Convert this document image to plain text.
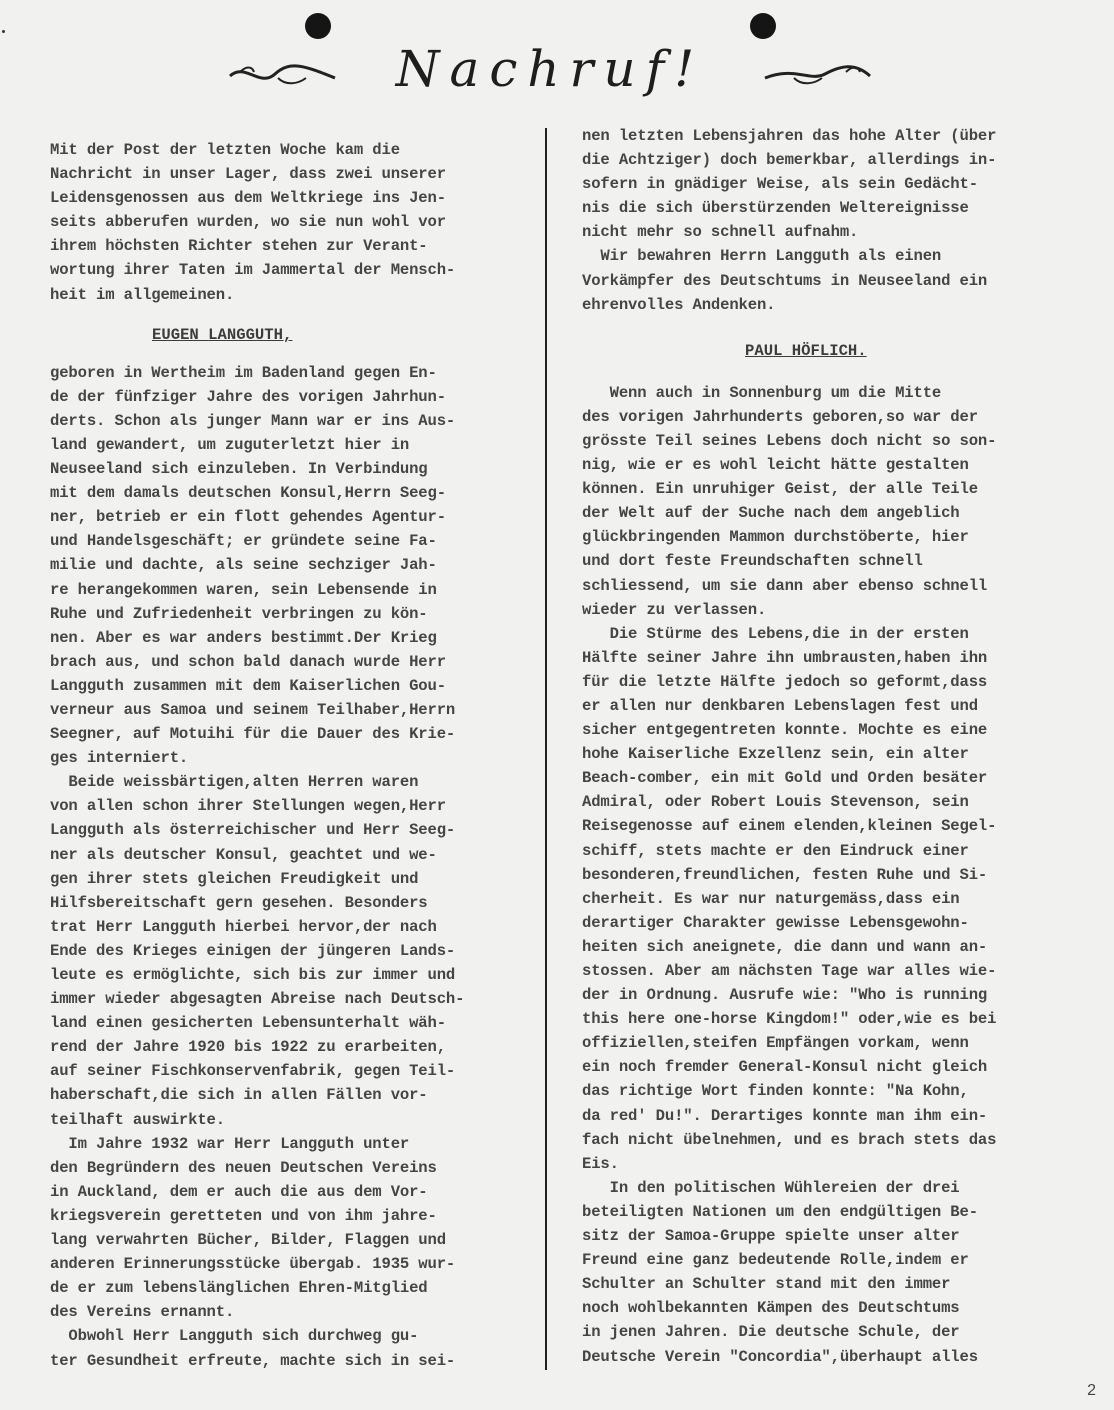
Nachruf!

Mit der Post der letzten Woche kam die

Nachricht in unser Lager, dass zwei unserer

Leidensgenossen aus dem Weltkriege ins Jen-

seits abberufen wurden, wo sie nun wohl vor

ihrem höchsten Richter stehen zur Verant-

wortung ihrer Taten im Jammertal der Mensch-

heit im allgemeinen.

EUGEN LANGGUTH,

geboren in Wertheim im Badenland gegen En-

de der fünfziger Jahre des vorigen Jahrhun-

derts. Schon als junger Mann war er ins Aus-

land gewandert, um zuguterletzt hier in

Neuseeland sich einzuleben. In Verbindung

mit dem damals deutschen Konsul,Herrn Seeg-

ner, betrieb er ein flott gehendes Agentur-

und Handelsgeschäft; er gründete seine Fa-

milie und dachte, als seine sechziger Jah-

re herangekommen waren, sein Lebensende in

Ruhe und Zufriedenheit verbringen zu kön-

nen. Aber es war anders bestimmt.Der Krieg

brach aus, und schon bald danach wurde Herr

Langguth zusammen mit dem Kaiserlichen Gou-

verneur aus Samoa und seinem Teilhaber,Herrn

Seegner, auf Motuihi für die Dauer des Krie-

ges interniert.

Beide weissbärtigen,alten Herren waren

von allen schon ihrer Stellungen wegen,Herr

Langguth als österreichischer und Herr Seeg-

ner als deutscher Konsul, geachtet und we-

gen ihrer stets gleichen Freudigkeit und

Hilfsbereitschaft gern gesehen. Besonders

trat Herr Langguth hierbei hervor,der nach

Ende des Krieges einigen der jüngeren Lands-

leute es ermöglichte, sich bis zur immer und

immer wieder abgesagten Abreise nach Deutsch-

land einen gesicherten Lebensunterhalt wäh-

rend der Jahre 1920 bis 1922 zu erarbeiten,

auf seiner Fischkonservenfabrik, gegen Teil-

haberschaft,die sich in allen Fällen vor-

teilhaft auswirkte.

Im Jahre 1932 war Herr Langguth unter

den Begründern des neuen Deutschen Vereins

in Auckland, dem er auch die aus dem Vor-

kriegsverein geretteten und von ihm jahre-

lang verwahrten Bücher, Bilder, Flaggen und

anderen Erinnerungsstücke übergab. 1935 wur-

de er zum lebenslänglichen Ehren-Mitglied

des Vereins ernannt.

Obwohl Herr Langguth sich durchweg gu-

ter Gesundheit erfreute, machte sich in sei-

nen letzten Lebensjahren das hohe Alter (über

die Achtziger) doch bemerkbar, allerdings in-

sofern in gnädiger Weise, als sein Gedächt-

nis die sich überstürzenden Weltereignisse

nicht mehr so schnell aufnahm.

Wir bewahren Herrn Langguth als einen

Vorkämpfer des Deutschtums in Neuseeland ein

ehrenvolles Andenken.

PAUL HÖFLICH.

Wenn auch in Sonnenburg um die Mitte

des vorigen Jahrhunderts geboren,so war der

grösste Teil seines Lebens doch nicht so son-

nig, wie er es wohl leicht hätte gestalten

können. Ein unruhiger Geist, der alle Teile

der Welt auf der Suche nach dem angeblich

glückbringenden Mammon durchstöberte, hier

und dort feste Freundschaften schnell

schliessend, um sie dann aber ebenso schnell

wieder zu verlassen.

Die Stürme des Lebens,die in der ersten

Hälfte seiner Jahre ihn umbrausten,haben ihn

für die letzte Hälfte jedoch so geformt,dass

er allen nur denkbaren Lebenslagen fest und

sicher entgegentreten konnte. Mochte es eine

hohe Kaiserliche Exzellenz sein, ein alter

Beach-comber, ein mit Gold und Orden besäter

Admiral, oder Robert Louis Stevenson, sein

Reisegenosse auf einem elenden,kleinen Segel-

schiff, stets machte er den Eindruck einer

besonderen,freundlichen, festen Ruhe und Si-

cherheit. Es war nur naturgemäss,dass ein

derartiger Charakter gewisse Lebensgewohn-

heiten sich aneignete, die dann und wann an-

stossen. Aber am nächsten Tage war alles wie-

der in Ordnung. Ausrufe wie: "Who is running

this here one-horse Kingdom!" oder,wie es bei

offiziellen,steifen Empfängen vorkam, wenn

ein noch fremder General-Konsul nicht gleich

das richtige Wort finden konnte: "Na Kohn,

da red' Du!". Derartiges konnte man ihm ein-

fach nicht übelnehmen, und es brach stets das

Eis.

In den politischen Wühlereien der drei

beteiligten Nationen um den endgültigen Be-

sitz der Samoa-Gruppe spielte unser alter

Freund eine ganz bedeutende Rolle,indem er

Schulter an Schulter stand mit den immer

noch wohlbekannten Kämpen des Deutschtums

in jenen Jahren. Die deutsche Schule, der

Deutsche Verein "Concordia",überhaupt alles

2
